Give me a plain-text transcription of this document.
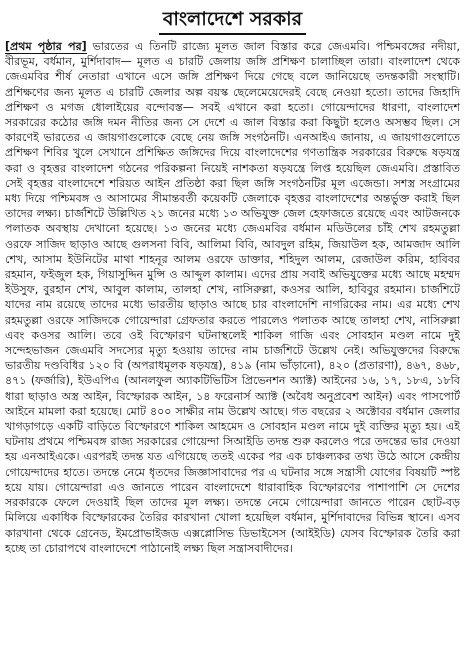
বাংলাদেশে সরকার

[প্রথম পৃষ্ঠার পর] ভারতের এ তিনটি রাজ্যে মূলত জাল বিস্তার করে জেএমবি। পশ্চিমবঙ্গের নদীয়া, বীরভূম, বর্ধমান, মুর্শিদাবাদ— মূলত এ চারটি জেলায় জঙ্গি প্রশিক্ষণ চালাচ্ছিল তারা। বাংলাদেশ থেকে জেএমবির শীর্ষ নেতারা এখানে এসে জঙ্গি প্রশিক্ষণ দিয়ে গেছে বলে জানিয়েছে তদন্তকারী সংস্থাটি। প্রশিক্ষণের জন্য মূলত এ চারটি জেলার অল্প বয়স্ক ছেলেমেয়েদেরই বেছে নেওয়া হতো। তাদের জিহাদি প্রশিক্ষণ ও মগজ ধোলাইয়ের বন্দোবস্ত— সবই এখানে করা হতো। গোয়েন্দাদের ধারণা, বাংলাদেশ সরকারের কঠোর জঙ্গি দমন নীতির জন্য সে দেশে এ জাল বিস্তার করা কিছুটা হলেও অসম্ভব ছিল। সে কারণেই ভারতের এ জায়গাগুলোকে বেছে নেয় জঙ্গি সংগঠনটি। এনআইএ জানায়, এ জায়গাগুলোতে প্রশিক্ষণ শিবির খুলে সেখানে প্রশিক্ষিত জঙ্গিদের দিয়ে বাংলাদেশের গণতান্ত্রিক সরকারের বিরুদ্ধে ষড়যন্ত্র করা ও বৃহত্তর বাংলাদেশ গঠনের পরিকল্পনা নিয়েই নাশকতা ষড়যন্ত্রে লিপ্ত হয়েছিল জেএমবি। প্রস্তাবিত সেই বৃহত্তর বাংলাদেশে শরিয়ত আইন প্রতিষ্ঠা করা ছিল জঙ্গি সংগঠনটির মূল এজেন্ডা। সশস্ত্র সংগ্রামের মধ্য দিয়ে পশ্চিমবঙ্গ ও আসামের সীমান্তবর্তী কয়েকটি জেলাকে বৃহত্তর বাংলাদেশের অন্তর্ভুক্ত করাই ছিল তাদের লক্ষ্য। চার্জশিটে উল্লিখিত ২১ জনের মধ্যে ১৩ অভিযুক্ত জেল হেফাজতে রয়েছে এবং আটজনকে পলাতক অবস্থায় দেখানো হয়েছে। ১৩ জনের মধ্যে জেএমবির বর্ধমান মডিউলের চাঁই শেখ রহমতুল্লা ওরফে সাজিদ ছাড়াও আছে গুলসনা বিবি, আলিমা বিবি, আবদুল রহিম, জিয়াউল হক, আমজাদ আলি শেখ, আসাম ইউনিটের মাথা শাহনূর আলম ওরফে ডাক্তার, শহিদুল আলম, রেজাউল করিম, হাবিবর রহমান, ফইজুল হক, গিয়াসুদ্দিন মুন্সি ও আব্দুল কালাম। এদের প্রায় সবাই অভিযুক্তের মধ্যে আছে মহম্মদ ইউসুফ, বুরহান শেখ, আবুল কালাম, তালহা শেখ, নাসিরুল্লা, কওসর আলি, হাবিবুর রহমান। চার্জশিটে যাদের নাম রয়েছে তাদের মধ্যে ভারতীয় ছাড়াও আছে চার বাংলাদেশি নাগরিকের নাম। এর মধ্যে শেখ রহমতুল্লা ওরফে সাজিদকে গোয়েন্দারা গ্রেফতার করতে পারলেও পলাতক আছে তালহা শেখ, নাসিরুল্লা এবং কওসর আলি। তবে ওই বিস্ফোরণ ঘটনাস্থলেই শাকিল গাজি এবং সোবহান মণ্ডল নামে দুই সন্দেহভাজন জেএমবি সদস্যের মৃত্যু হওয়ায় তাদের নাম চার্জশিটে উল্লেখ নেই। অভিযুক্তদের বিরুদ্ধে ভারতীয় দণ্ডবিধির ১২০ বি (অপরাধমূলক ষড়যন্ত্র), ৪১৯ (নাম ভাঁড়ানো), ৪২০ (প্রতারণা), ৪৬৭, ৪৬৮, ৪৭১ (ফর্জারি), ইউএপিএ (আনলফুল অ্যাকটিভিটিস প্রিভেনশন অ্যাক্ট) আইনের ১৬, ১৭, ১৮এ, ১৮বি ধারা ছাড়াও অস্ত্র আইন, বিস্ফোরক আইন, ১৪ ফরেনার্স অ্যাক্ট (অবৈধ অনুপ্রবেশ আইন) এবং পাসপোর্ট আইনে মামলা করা হয়েছে। মোট ৪০০ সাক্ষীর নাম উল্লেখ আছে। গত বছরের ২ অক্টোবর বর্ধমান জেলার খাগড়াগড়ে একটি বাড়িতে বিস্ফোরণে শাকিল আহমেদ ও সোবহান মণ্ডল নামে দুই ব্যক্তির মৃত্যু হয়। এই ঘটনায় প্রথমে পশ্চিমবঙ্গ রাজ্য সরকারের গোয়েন্দা সিআইডি তদন্ত শুরু করলেও পরে তদন্তের ভার দেওয়া হয় এনআইএকে। এরপরই তদন্ত যত এগিয়েছে ততই একের পর এক চাঞ্চল্যকর তথ্য উঠে আসে কেন্দ্রীয় গোয়েন্দাদের হাতে। তদন্তে নেমে ধৃতদের জিজ্ঞাসাবাদের পর এ ঘটনার সঙ্গে সন্ত্রাসী যোগের বিষয়টি স্পষ্ট হয়ে যায়। গোয়েন্দারা এও জানতে পারেন বাংলাদেশে ধারাবাহিক বিস্ফোরণের পাশাপাশি সে দেশের সরকারকে ফেলে দেওয়াই ছিল তাদের মূল লক্ষ্য। তদন্তে নেমে গোয়েন্দারা জানতে পারেন ছোট-বড় মিলিয়ে একাধিক বিস্ফোরকের তৈরির কারখানা খোলা হয়েছিল বর্ধমান, মুর্শিদাবাদের বিভিন্ন স্থানে। এসব কারখানা থেকে গ্রেনেড, ইমপ্রোভাইজড এক্সপ্লোসিভ ডিভাইসেস (আইইডি) যেসব বিস্ফোরক তৈরি করা হচ্ছে তা চোরাপথে বাংলাদেশে পাঠানোই লক্ষ্য ছিল সন্ত্রাসবাদীদের।
